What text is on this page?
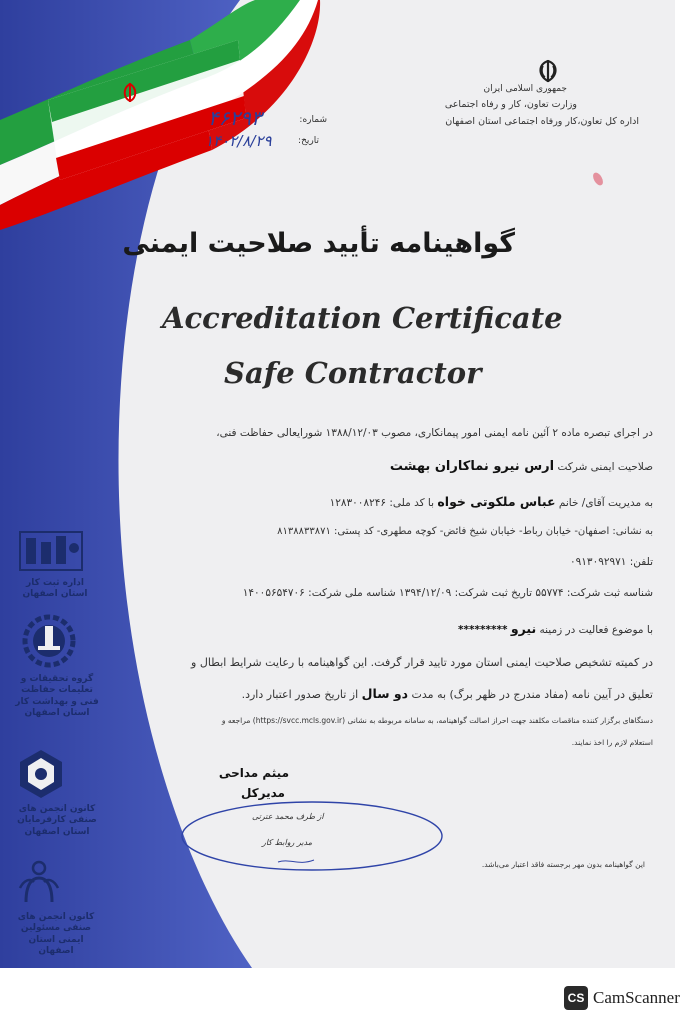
جمهوری اسلامی ایران
وزارت تعاون، کار و رفاه اجتماعی
اداره کل تعاون،کار ورفاه اجتماعی استان اصفهان
شماره:
۴۶۲۹۳
تاریخ:
۱۴۰۲/۸/۲۹
گواهینامه تأیید صلاحیت ایمنی
Accreditation Certificate
Safe Contractor
در اجرای تبصره ماده ۲ آئین نامه ایمنی امور پیمانکاری، مصوب ۱۳۸۸/۱۲/۰۳ شورایعالی حفاظت فنی،
صلاحیت ایمنی شرکت ارس نیرو نماکاران بهشت
به مدیریت آقای/ خانم عباس ملکوتی خواه با کد ملی: ۱۲۸۳۰۰۸۲۴۶
به نشانی: اصفهان- خیابان رباط- خیابان شیخ فائض- کوچه مطهری- کد پستی: ۸۱۳۸۸۳۳۸۷۱
تلفن: ۰۹۱۳۰۹۲۹۷۱
شناسه ثبت شرکت: ۵۵۷۷۴ تاریخ ثبت شرکت: ۱۳۹۴/۱۲/۰۹ شناسه ملی شرکت: ۱۴۰۰۵۶۵۴۷۰۶
با موضوع فعالیت در زمینه نیرو *********
در کمیته تشخیص صلاحیت ایمنی استان مورد تایید قرار گرفت. این گواهینامه با رعایت شرایط ابطال و
تعلیق در آیین نامه (مفاد مندرج در ظهر برگ) به مدت دو سال از تاریخ صدور اعتبار دارد.
دستگاهای برگزار کننده مناقصات مکلفند جهت احراز اصالت گواهینامه، به سامانه مربوطه به نشانی (https://svcc.mcls.gov.ir) مراجعه و
استعلام لازم را اخذ نمایند.
میثم مداحی
مدیرکل
از طرف محمد عترتی
مدیر روابط کار
این گواهینامه بدون مهر برجسته فاقد اعتبار می‌باشد.
اداره ثبت کار استان اصفهان
گروه تحقیقات و تعلیمات حفاظت فنی و بهداشت کار استان اصفهان
کانون انجمن های صنفی کارفرمایان استان اصفهان
کانون انجمن های صنفی مسئولین ایمنی استان اصفهان
CS CamScanner
